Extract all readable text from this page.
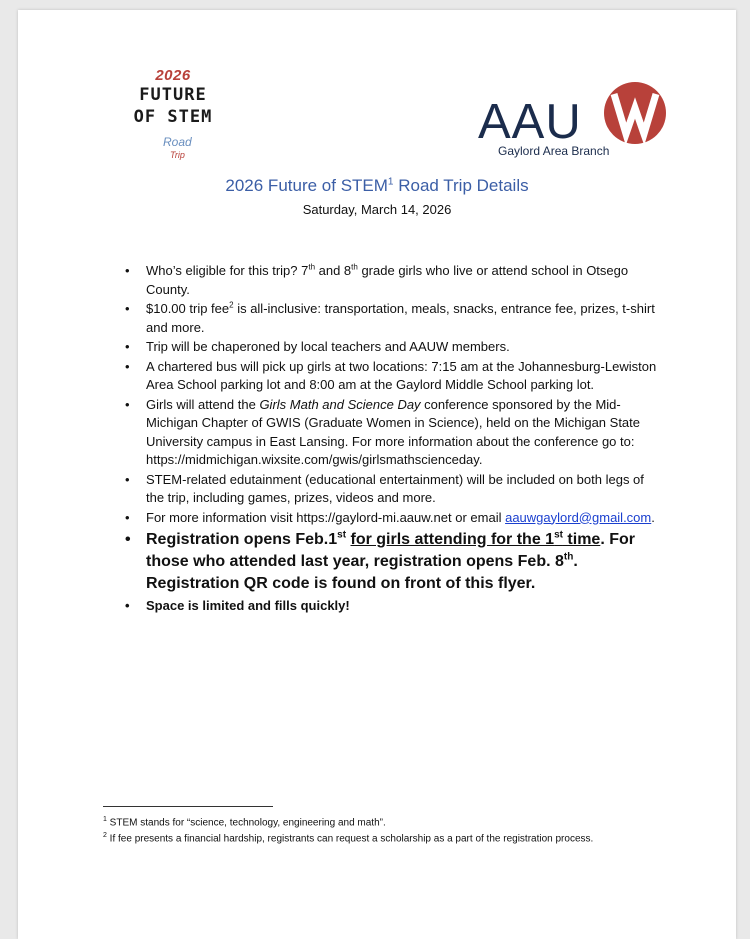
2026
FUTURE
OF STEM
Road
Trip
AAU
Gaylord Area Branch
2026 Future of STEM$^1$ Road Trip Details
Saturday, March 14, 2026
• Who’s eligible for this trip? 7th and 8th grade girls who live or attend school in Otsego County.
• $10.00 trip fee$^2$ is all-inclusive: transportation, meals, snacks, entrance fee, prizes, t-shirt and more.
• Trip will be chaperoned by local teachers and AAUW members.
• A chartered bus will pick up girls at two locations: 7:15 am at the Johannesburg-Lewiston Area School parking lot and 8:00 am at the Gaylord Middle School parking lot.
• Girls will attend the Girls Math and Science Day conference sponsored by the Mid-Michigan Chapter of GWIS (Graduate Women in Science), held on the Michigan State University campus in East Lansing. For more information about the conference go to: https://midmichigan.wixsite.com/gwis/girlsmathscienceday.
• STEM-related edutainment (educational entertainment) will be included on both legs of the trip, including games, prizes, videos and more.
• For more information visit https://gaylord-mi.aauw.net or email aauwgaylord@gmail.com.
• Registration opens Feb.1st for girls attending for the 1st time. For those who attended last year, registration opens Feb. 8th. Registration QR code is found on front of this flyer.
• Space is limited and fills quickly!
$^1$ STEM stands for “science, technology, engineering and math”.
$^2$ If fee presents a financial hardship, registrants can request a scholarship as a part of the registration process.
